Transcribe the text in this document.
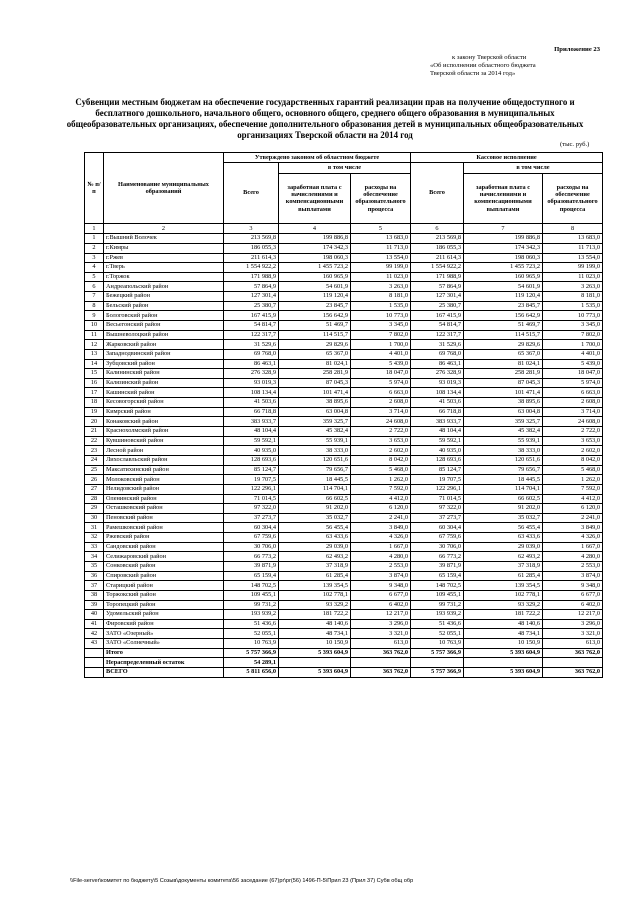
Приложение 23
к закону Тверской области
«Об исполнении областного бюджета
Тверской области за 2014 год»
Субвенции местным бюджетам на обеспечение государственных гарантий реализации прав на получение общедоступного и бесплатного дошкольного, начального общего, основного общего, среднего общего образования в муниципальных общеобразовательных организациях, обеспечение дополнительного образования детей в муниципальных общеобразовательных организациях Тверской области на 2014 год
(тыс. руб.)
№ п/п	Наименование муниципальных образований	Утверждено законом об областном бюджете			Кассовое исполнение		
		Всего	в том числе		Всего	в том числе	
			заработная плата с начислениями и компенсационными выплатами	расходы на обеспечение образовательного процесса		заработная плата с начислениями и компенсационными выплатами	расходы на обеспечение образовательного процесса
1	2	3	4	5	6	7	8
1	г.Вышний Волочек	213 569,8	199 886,8	13 683,0	213 569,8	199 886,8	13 683,0
2	г.Кимры	186 055,3	174 342,3	11 713,0	186 055,3	174 342,3	11 713,0
3	г.Ржев	211 614,3	198 060,3	13 554,0	211 614,3	198 060,3	13 554,0
4	г.Тверь	1 554 922,2	1 455 723,2	99 199,0	1 554 922,2	1 455 723,2	99 199,0
5	г.Торжок	171 988,9	160 965,9	11 023,0	171 988,9	160 965,9	11 023,0
6	Андреапольский район	57 864,9	54 601,9	3 263,0	57 864,9	54 601,9	3 263,0
7	Бежецкий район	127 301,4	119 120,4	8 181,0	127 301,4	119 120,4	8 181,0
8	Бельский район	25 380,7	23 845,7	1 535,0	25 380,7	23 845,7	1 535,0
9	Бологовский район	167 415,9	156 642,9	10 773,0	167 415,9	156 642,9	10 773,0
10	Весьегонский район	54 814,7	51 469,7	3 345,0	54 814,7	51 469,7	3 345,0
11	Вышневолоцкий район	122 317,7	114 515,7	7 802,0	122 317,7	114 515,7	7 802,0
12	Жарковский район	31 529,6	29 829,6	1 700,0	31 529,6	29 829,6	1 700,0
13	Западнодвинский район	69 768,0	65 367,0	4 401,0	69 768,0	65 367,0	4 401,0
14	Зубцовский район	86 463,1	81 024,1	5 439,0	86 463,1	81 024,1	5 439,0
15	Калининский район	276 328,9	258 281,9	18 047,0	276 328,9	258 281,9	18 047,0
16	Калязинский район	93 019,3	87 045,3	5 974,0	93 019,3	87 045,3	5 974,0
17	Кашинский район	108 134,4	101 471,4	6 663,0	108 134,4	101 471,4	6 663,0
18	Кесовогорский район	41 503,6	38 895,6	2 608,0	41 503,6	38 895,6	2 608,0
19	Кимрский район	66 718,8	63 004,8	3 714,0	66 718,8	63 004,8	3 714,0
20	Конаковский район	383 933,7	359 325,7	24 608,0	383 933,7	359 325,7	24 608,0
21	Краснохолмский район	48 104,4	45 382,4	2 722,0	48 104,4	45 382,4	2 722,0
22	Кувшиновский район	59 592,1	55 939,1	3 653,0	59 592,1	55 939,1	3 653,0
23	Лесной район	40 935,0	38 333,0	2 602,0	40 935,0	38 333,0	2 602,0
24	Лихославльский район	128 693,6	120 651,6	8 042,0	128 693,6	120 651,6	8 042,0
25	Максатихинский район	85 124,7	79 656,7	5 468,0	85 124,7	79 656,7	5 468,0
26	Молоковский район	19 707,5	18 445,5	1 262,0	19 707,5	18 445,5	1 262,0
27	Нелидовский район	122 296,1	114 704,1	7 592,0	122 296,1	114 704,1	7 592,0
28	Оленинский район	71 014,5	66 602,5	4 412,0	71 014,5	66 602,5	4 412,0
29	Осташковский район	97 322,0	91 202,0	6 120,0	97 322,0	91 202,0	6 120,0
30	Пеновский район	37 273,7	35 032,7	2 241,0	37 273,7	35 032,7	2 241,0
31	Рамешковский район	60 304,4	56 455,4	3 849,0	60 304,4	56 455,4	3 849,0
32	Ржевский район	67 759,6	63 433,6	4 326,0	67 759,6	63 433,6	4 326,0
33	Сандовский район	30 706,0	29 039,0	1 667,0	30 706,0	29 039,0	1 667,0
34	Селижаровский район	66 773,2	62 493,2	4 280,0	66 773,2	62 493,2	4 280,0
35	Сонковский район	39 871,9	37 318,9	2 553,0	39 871,9	37 318,9	2 553,0
36	Спировский район	65 159,4	61 285,4	3 874,0	65 159,4	61 285,4	3 874,0
37	Старицкий район	148 702,5	139 354,5	9 348,0	148 702,5	139 354,5	9 348,0
38	Торжокский район	109 455,1	102 778,1	6 677,0	109 455,1	102 778,1	6 677,0
39	Торопецкий район	99 731,2	93 329,2	6 402,0	99 731,2	93 329,2	6 402,0
40	Удомельский район	193 939,2	181 722,2	12 217,0	193 939,2	181 722,2	12 217,0
41	Фировский район	51 436,6	48 140,6	3 296,0	51 436,6	48 140,6	3 296,0
42	ЗАТО «Озерный»	52 055,1	48 734,1	3 321,0	52 055,1	48 734,1	3 321,0
43	ЗАТО «Солнечный»	10 763,9	10 150,9	613,0	10 763,9	10 150,9	613,0
	Итого	5 757 366,9	5 393 604,9	363 762,0	5 757 366,9	5 393 604,9	363 762,0
	Нераспределенный остаток	54 289,1					
	ВСЕГО	5 811 656,0	5 393 604,9	363 762,0	5 757 366,9	5 393 604,9	363 762,0
\\File-server\комитет по бюджету\5 Созыв\документы комитета\56 заседание (67)pr\pr(56) 1496-П-5\Прил 23 (Прил 37) Субв общ обр
